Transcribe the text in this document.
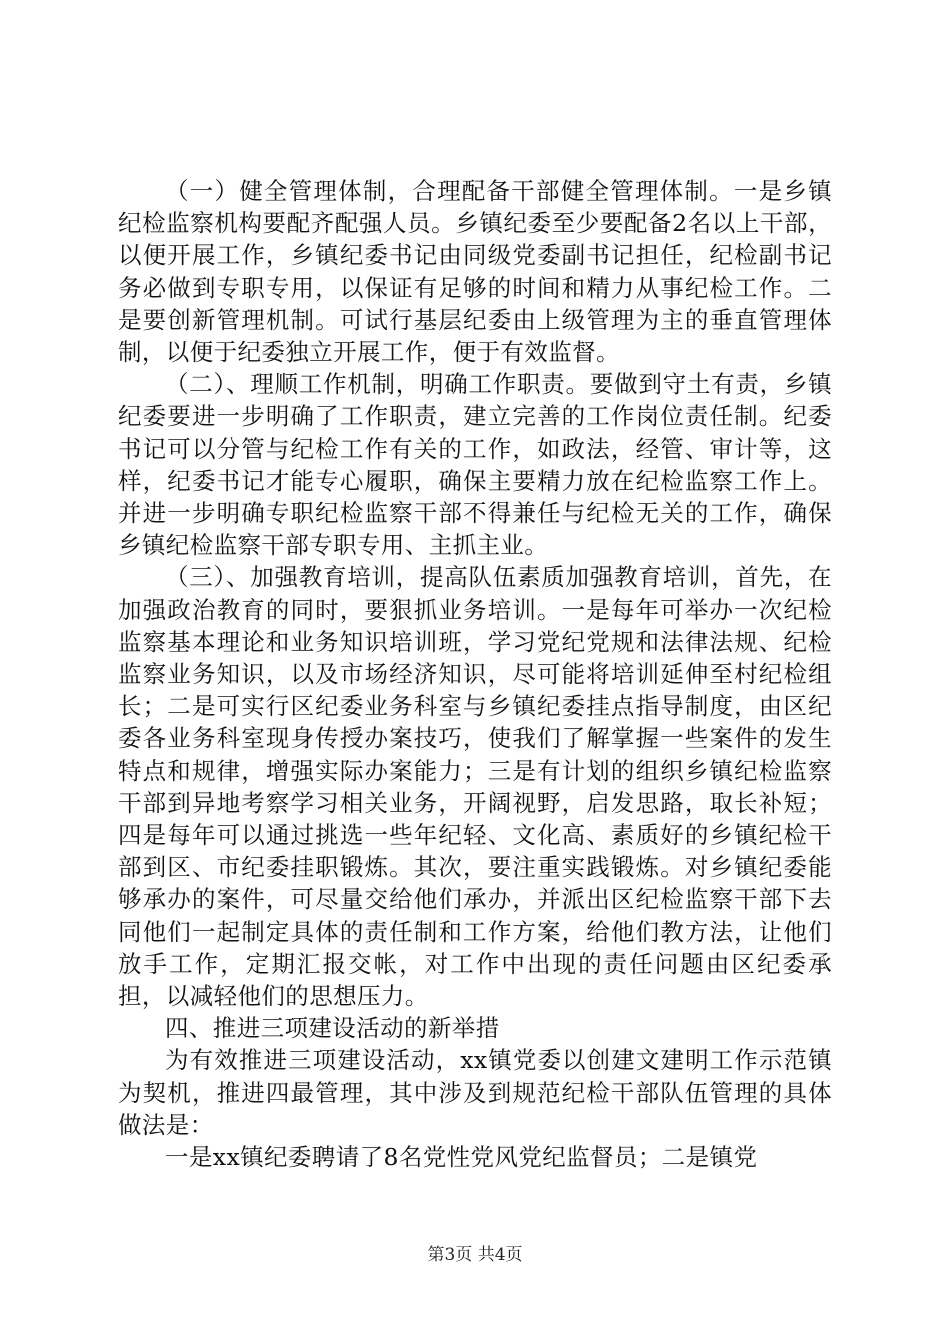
（一）健全管理体制，合理配备干部健全管理体制。一是乡镇纪检监察机构要配齐配强人员。乡镇纪委至少要配备2名以上干部，以便开展工作，乡镇纪委书记由同级党委副书记担任，纪检副书记务必做到专职专用，以保证有足够的时间和精力从事纪检工作。二是要创新管理机制。可试行基层纪委由上级管理为主的垂直管理体制，以便于纪委独立开展工作，便于有效监督。

（二）、理顺工作机制，明确工作职责。要做到守土有责，乡镇纪委要进一步明确了工作职责，建立完善的工作岗位责任制。纪委书记可以分管与纪检工作有关的工作，如政法，经管、审计等，这样，纪委书记才能专心履职，确保主要精力放在纪检监察工作上。并进一步明确专职纪检监察干部不得兼任与纪检无关的工作，确保乡镇纪检监察干部专职专用、主抓主业。

（三）、加强教育培训，提高队伍素质加强教育培训，首先，在加强政治教育的同时，要狠抓业务培训。一是每年可举办一次纪检监察基本理论和业务知识培训班，学习党纪党规和法律法规、纪检监察业务知识，以及市场经济知识，尽可能将培训延伸至村纪检组长；二是可实行区纪委业务科室与乡镇纪委挂点指导制度，由区纪委各业务科室现身传授办案技巧，使我们了解掌握一些案件的发生特点和规律，增强实际办案能力；三是有计划的组织乡镇纪检监察干部到异地考察学习相关业务，开阔视野，启发思路，取长补短；四是每年可以通过挑选一些年纪轻、文化高、素质好的乡镇纪检干部到区、市纪委挂职锻炼。其次，要注重实践锻炼。对乡镇纪委能够承办的案件，可尽量交给他们承办，并派出区纪检监察干部下去同他们一起制定具体的责任制和工作方案，给他们教方法，让他们放手工作，定期汇报交帐，对工作中出现的责任问题由区纪委承担，以减轻他们的思想压力。

四、推进三项建设活动的新举措

为有效推进三项建设活动，xx镇党委以创建文建明工作示范镇为契机，推进四最管理，其中涉及到规范纪检干部队伍管理的具体做法是：

一是xx镇纪委聘请了8名党性党风党纪监督员；二是镇党

第3页 共4页
